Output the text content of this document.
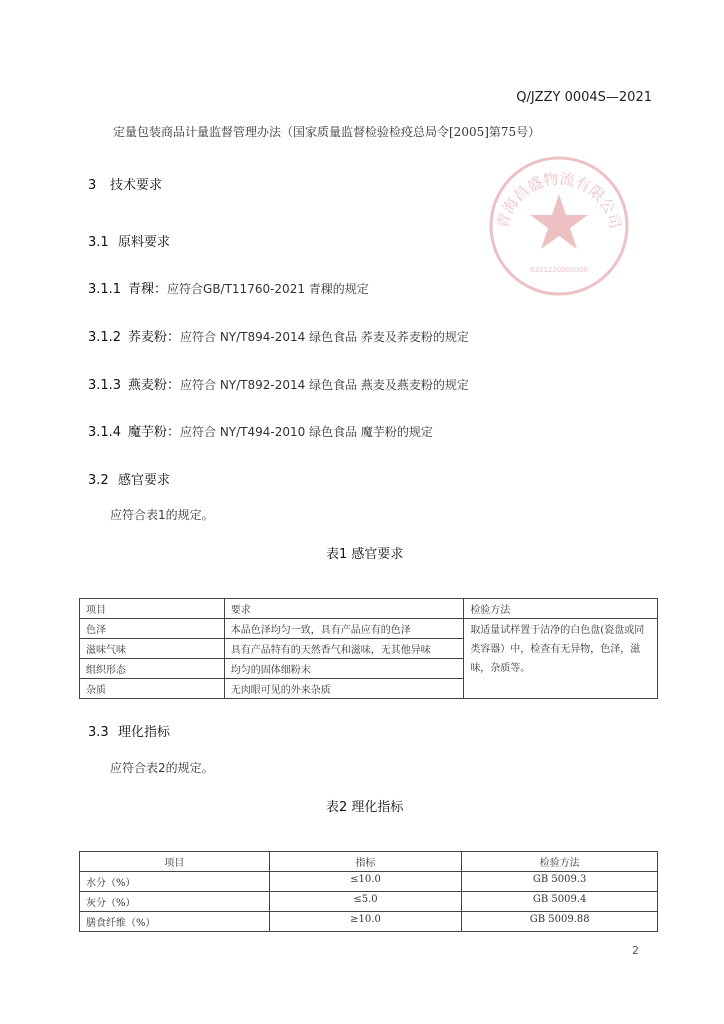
Q/JZZY 0004S—2021
定量包装商品计量监督管理办法（国家质量监督检验检疫总局令[2005]第75号）
3 技术要求
3.1 原料要求
3.1.1 青稞：应符合GB/T11760-2021 青稞的规定
3.1.2 荞麦粉：应符合 NY/T894-2014 绿色食品 荞麦及荞麦粉的规定
3.1.3 燕麦粉：应符合 NY/T892-2014 绿色食品 燕麦及燕麦粉的规定
3.1.4 魔芋粉：应符合 NY/T494-2010 绿色食品 魔芋粉的规定
3.2 感官要求
应符合表1的规定。
表1 感官要求
项目	要求	检验方法
色泽	本品色泽均匀一致，具有产品应有的色泽	取适量试样置于洁净的白色盘(瓷盘或同类容器）中，检查有无异物，色泽，滋味，杂质等。
滋味气味	具有产品特有的天然香气和滋味，无其他异味	
组织形态	均匀的固体细粉末	
杂质	无肉眼可见的外来杂质	
3.3 理化指标
应符合表2的规定。
表2 理化指标
项目	指标	检验方法
水分（%）	≤10.0	GB 5009.3
灰分（%）	≤5.0	GB 5009.4
膳食纤维（%）	≥10.0	GB 5009.88
2
青海昌盛物流有限公司
6321220000000
